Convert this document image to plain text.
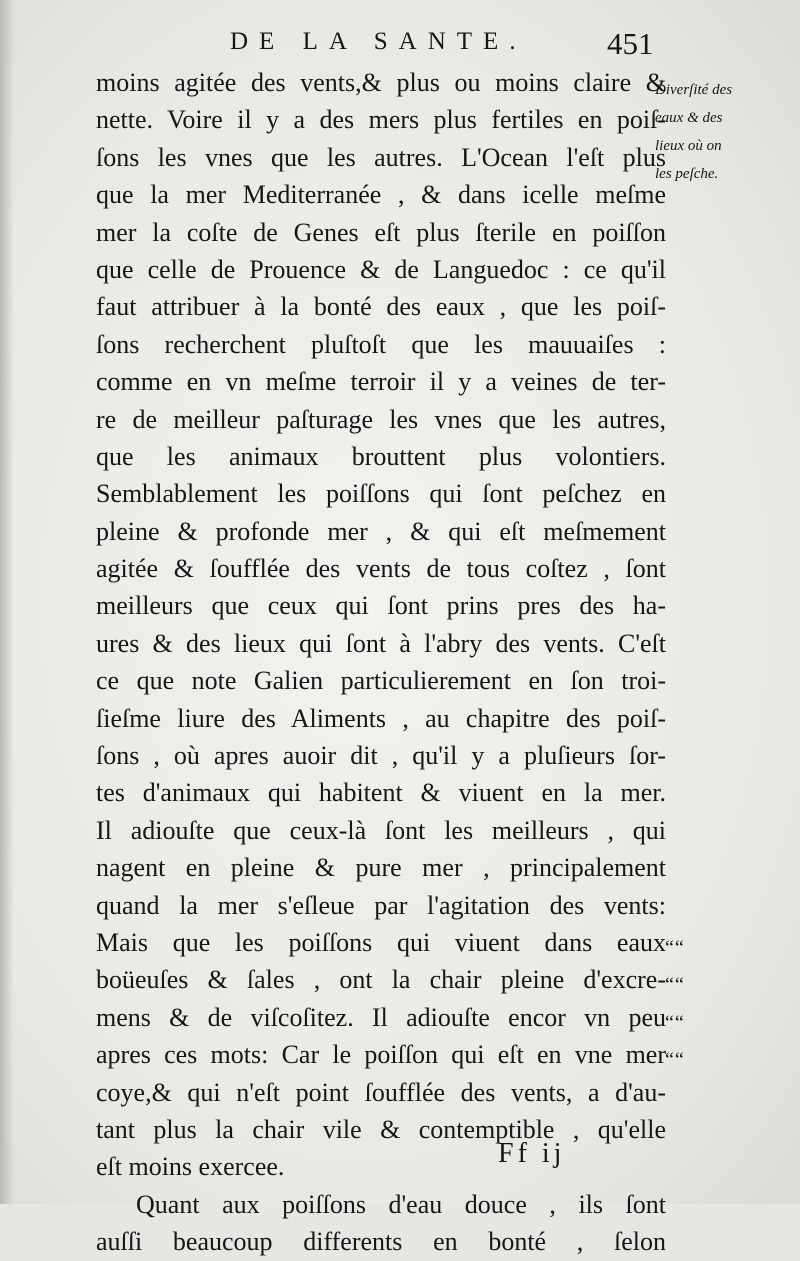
DE LA SANTE.	451
moins agitée des vents,& plus ou moins claire &
nette. Voire il y a des mers plus fertiles en poiſ-
ſons les vnes que les autres. L'Ocean l'eſt plus
que la mer Mediterranée , & dans icelle meſme
mer la coſte de Genes eſt plus ſterile en poiſſon
que celle de Prouence & de Languedoc : ce qu'il
faut attribuer à la bonté des eaux , que les poiſ-
ſons recherchent pluſtoſt que les mauuaiſes :
comme en vn meſme terroir il y a veines de ter-
re de meilleur paſturage les vnes que les autres,
que les animaux brouttent plus volontiers.
Semblablement les poiſſons qui ſont peſchez en
pleine & profonde mer , & qui eſt meſmement
agitée & ſoufflée des vents de tous coſtez , ſont
meilleurs que ceux qui ſont prins pres des ha-
ures & des lieux qui ſont à l'abry des vents. C'eſt
ce que note Galien particulierement en ſon troi-
ſieſme liure des Aliments , au chapitre des poiſ-
ſons , où apres auoir dit , qu'il y a pluſieurs ſor-
tes d'animaux qui habitent & viuent en la mer.
Il adiouſte que ceux-là ſont les meilleurs , qui
nagent en pleine & pure mer , principalement
quand la mer s'eſleue par l'agitation des vents:
Mais que les poiſſons qui viuent dans eaux
boüeuſes & ſales , ont la chair pleine d'excre-
mens & de viſcoſitez. Il adiouſte encor vn peu
apres ces mots: Car le poiſſon qui eſt en vne mer
coye,& qui n'eſt point ſoufflée des vents, a d'au-
tant plus la chair vile & contemptible , qu'elle
eſt moins exercee.
Quant aux poiſſons d'eau douce , ils ſont
auſſi beaucoup differents en bonté , ſelon
Diverſité des
eaux & des
lieux où on
les peſche.
“ “
“ “
“ “
“ “
Ff ij
